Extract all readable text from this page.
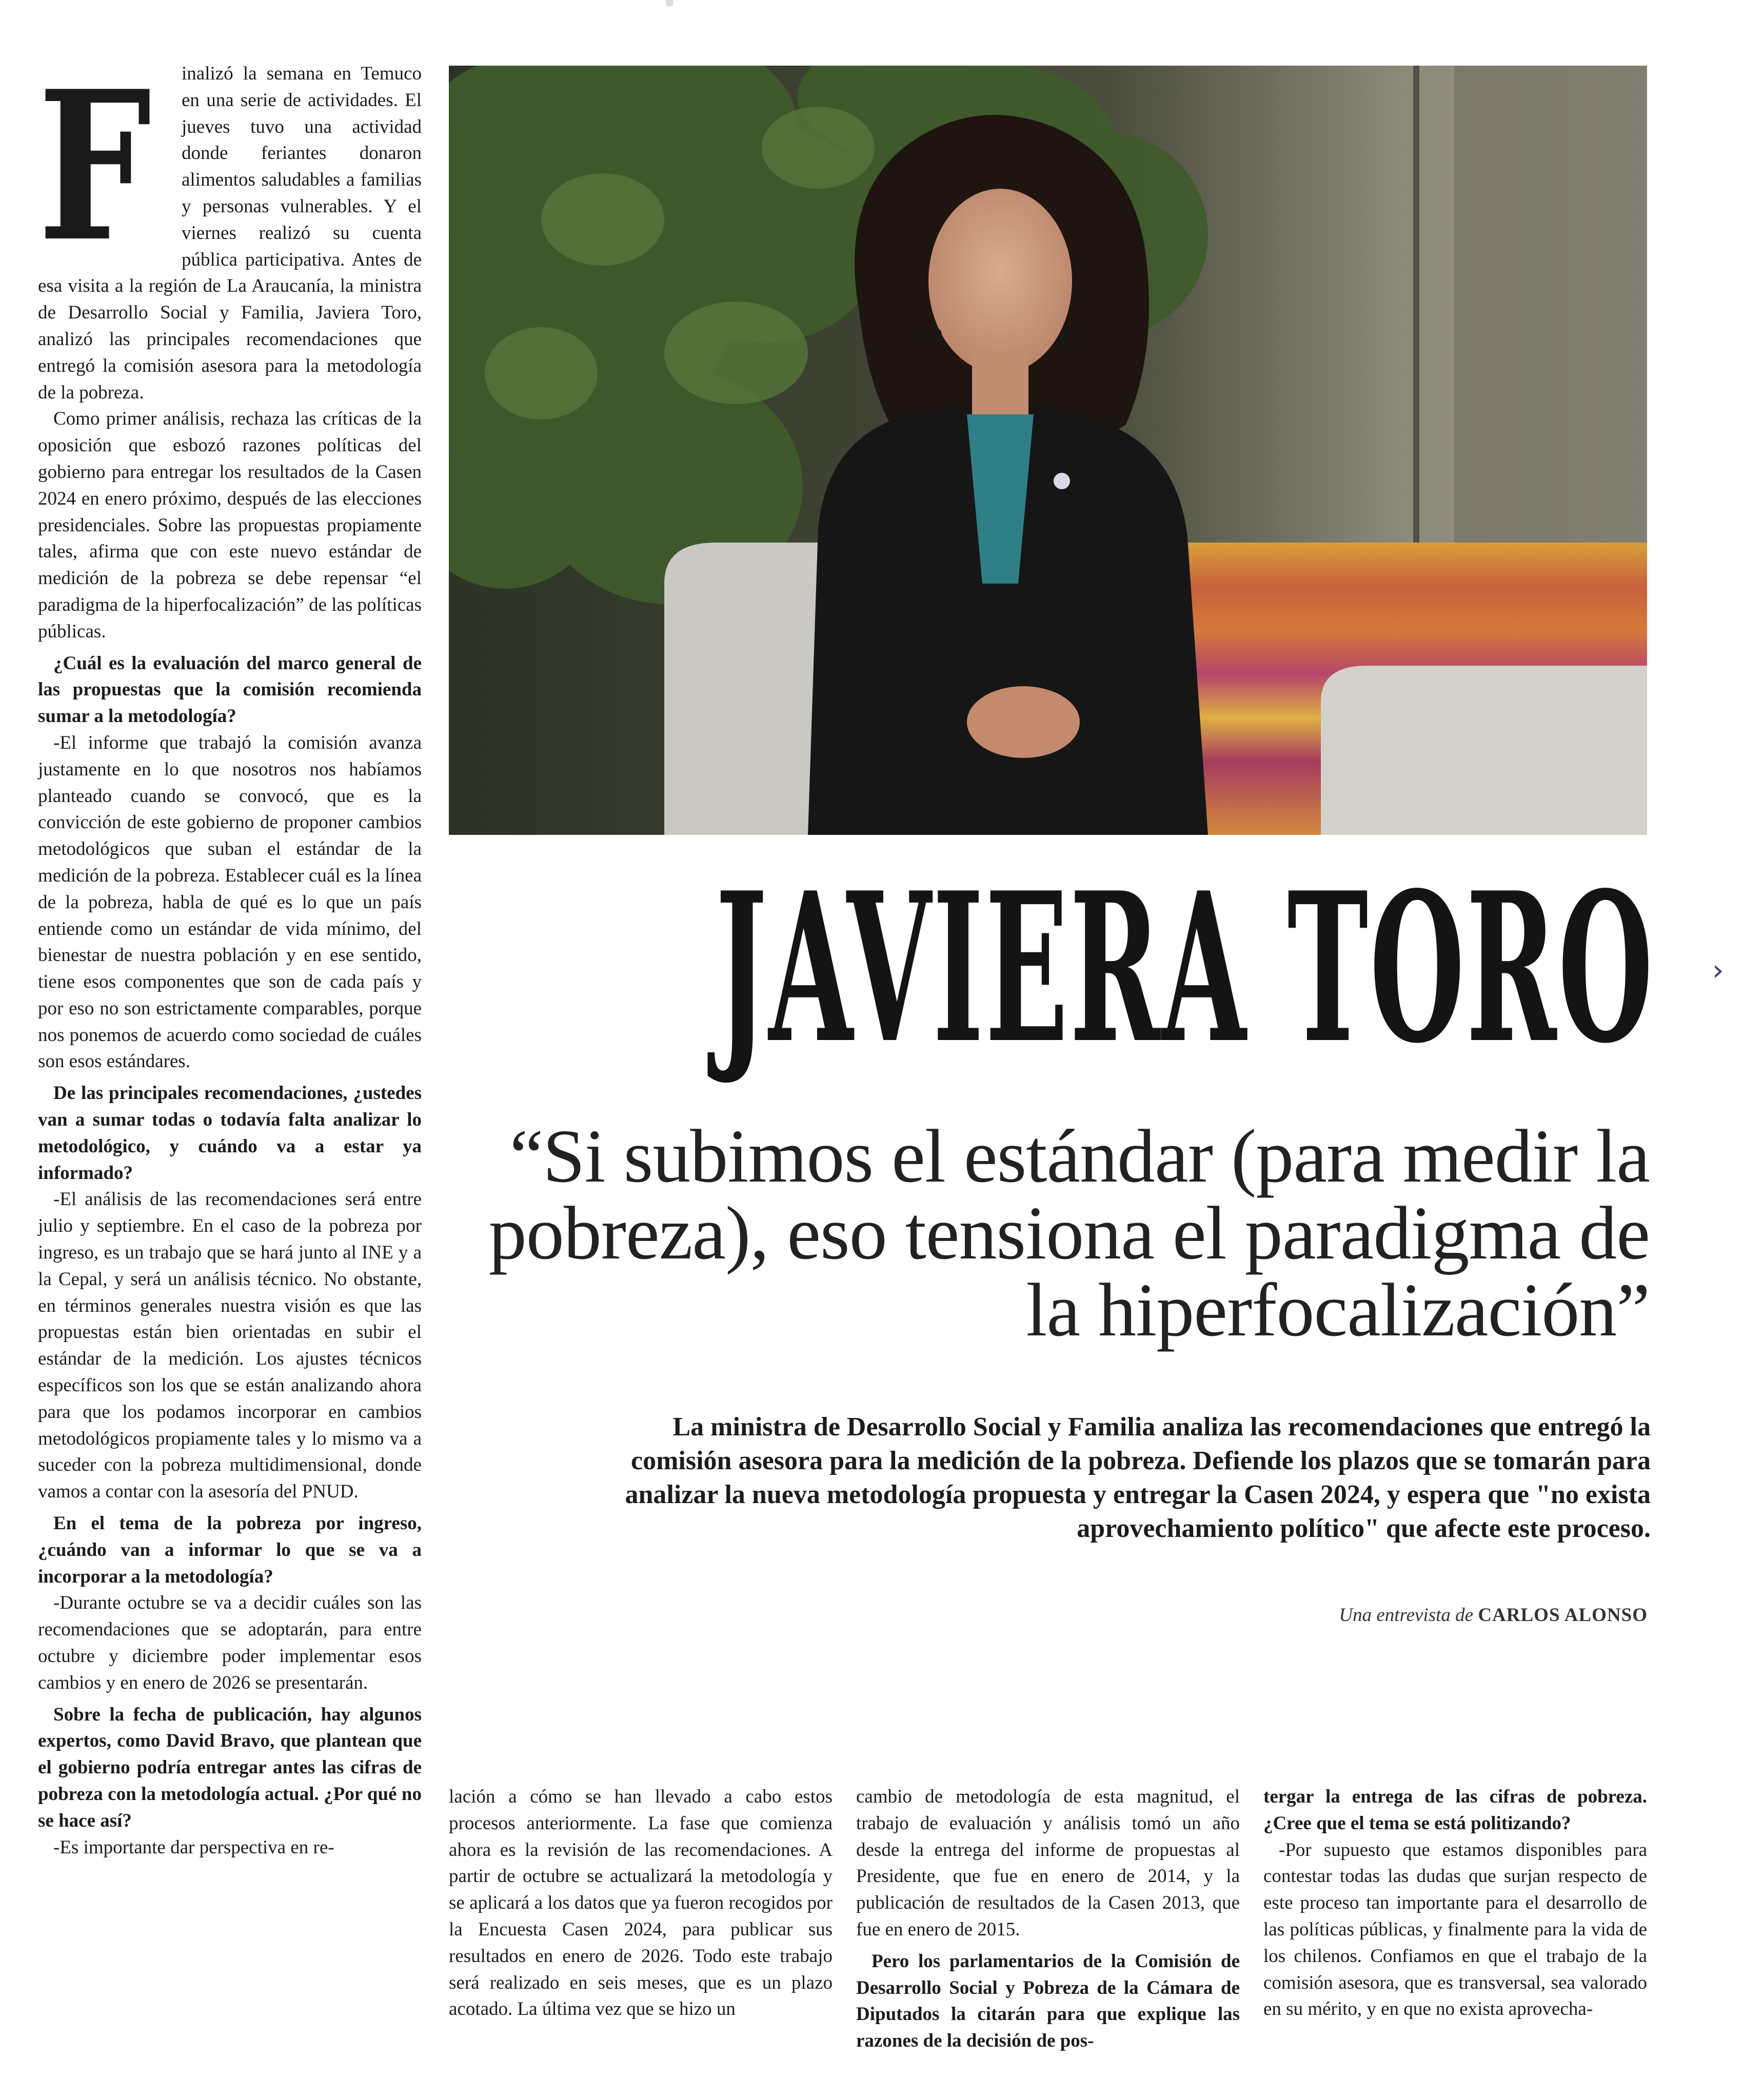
F inalizó la semana en Temuco en una serie de actividades. El jueves tuvo una actividad donde feriantes donaron alimentos saludables a familias y personas vulnerables. Y el viernes realizó su cuenta pública participativa. Antes de esa visita a la región de La Araucanía, la ministra de Desarrollo Social y Familia, Javiera Toro, analizó las principales recomendaciones que entregó la comisión asesora para la metodología de la pobreza.

Como primer análisis, rechaza las críticas de la oposición que esbozó razones políticas del gobierno para entregar los resultados de la Casen 2024 en enero próximo, después de las elecciones presidenciales. Sobre las propuestas propiamente tales, afirma que con este nuevo estándar de medición de la pobreza se debe repensar “el paradigma de la hiperfocalización” de las políticas públicas.

¿Cuál es la evaluación del marco general de las propuestas que la comisión recomienda sumar a la metodología?

-El informe que trabajó la comisión avanza justamente en lo que nosotros nos habíamos planteado cuando se convocó, que es la convicción de este gobierno de proponer cambios metodológicos que suban el estándar de la medición de la pobreza. Establecer cuál es la línea de la pobreza, habla de qué es lo que un país entiende como un estándar de vida mínimo, del bienestar de nuestra población y en ese sentido, tiene esos componentes que son de cada país y por eso no son estrictamente comparables, porque nos ponemos de acuerdo como sociedad de cuáles son esos estándares.

De las principales recomendaciones, ¿ustedes van a sumar todas o todavía falta analizar lo metodológico, y cuándo va a estar ya informado?

-El análisis de las recomendaciones será entre julio y septiembre. En el caso de la pobreza por ingreso, es un trabajo que se hará junto al INE y a la Cepal, y será un análisis técnico. No obstante, en términos generales nuestra visión es que las propuestas están bien orientadas en subir el estándar de la medición. Los ajustes técnicos específicos son los que se están analizando ahora para que los podamos incorporar en cambios metodológicos propiamente tales y lo mismo va a suceder con la pobreza multidimensional, donde vamos a contar con la asesoría del PNUD.

En el tema de la pobreza por ingreso, ¿cuándo van a informar lo que se va a incorporar a la metodología?

-Durante octubre se va a decidir cuáles son las recomendaciones que se adoptarán, para entre octubre y diciembre poder implementar esos cambios y en enero de 2026 se presentarán.

Sobre la fecha de publicación, hay algunos expertos, como David Bravo, que plantean que el gobierno podría entregar antes las cifras de pobreza con la metodología actual. ¿Por qué no se hace así?

-Es importante dar perspectiva en re-

JAVIERA TORO
“Si subimos el estándar (para medir la pobreza), eso tensiona el paradigma de la hiperfocalización”
La ministra de Desarrollo Social y Familia analiza las recomendaciones que entregó la comisión asesora para la medición de la pobreza. Defiende los plazos que se tomarán para analizar la nueva metodología propuesta y entregar la Casen 2024, y espera que "no exista aprovechamiento político" que afecte este proceso.
Una entrevista de CARLOS ALONSO

lación a cómo se han llevado a cabo estos procesos anteriormente. La fase que comienza ahora es la revisión de las recomendaciones. A partir de octubre se actualizará la metodología y se aplicará a los datos que ya fueron recogidos por la Encuesta Casen 2024, para publicar sus resultados en enero de 2026. Todo este trabajo será realizado en seis meses, que es un plazo acotado. La última vez que se hizo un

cambio de metodología de esta magnitud, el trabajo de evaluación y análisis tomó un año desde la entrega del informe de propuestas al Presidente, que fue en enero de 2014, y la publicación de resultados de la Casen 2013, que fue en enero de 2015.

Pero los parlamentarios de la Comisión de Desarrollo Social y Pobreza de la Cámara de Diputados la citarán para que explique las razones de la decisión de pos-

tergar la entrega de las cifras de pobreza. ¿Cree que el tema se está politizando?

-Por supuesto que estamos disponibles para contestar todas las dudas que surjan respecto de este proceso tan importante para el desarrollo de las políticas públicas, y finalmente para la vida de los chilenos. Confiamos en que el trabajo de la comisión asesora, que es transversal, sea valorado en su mérito, y en que no exista aprovecha-

›
